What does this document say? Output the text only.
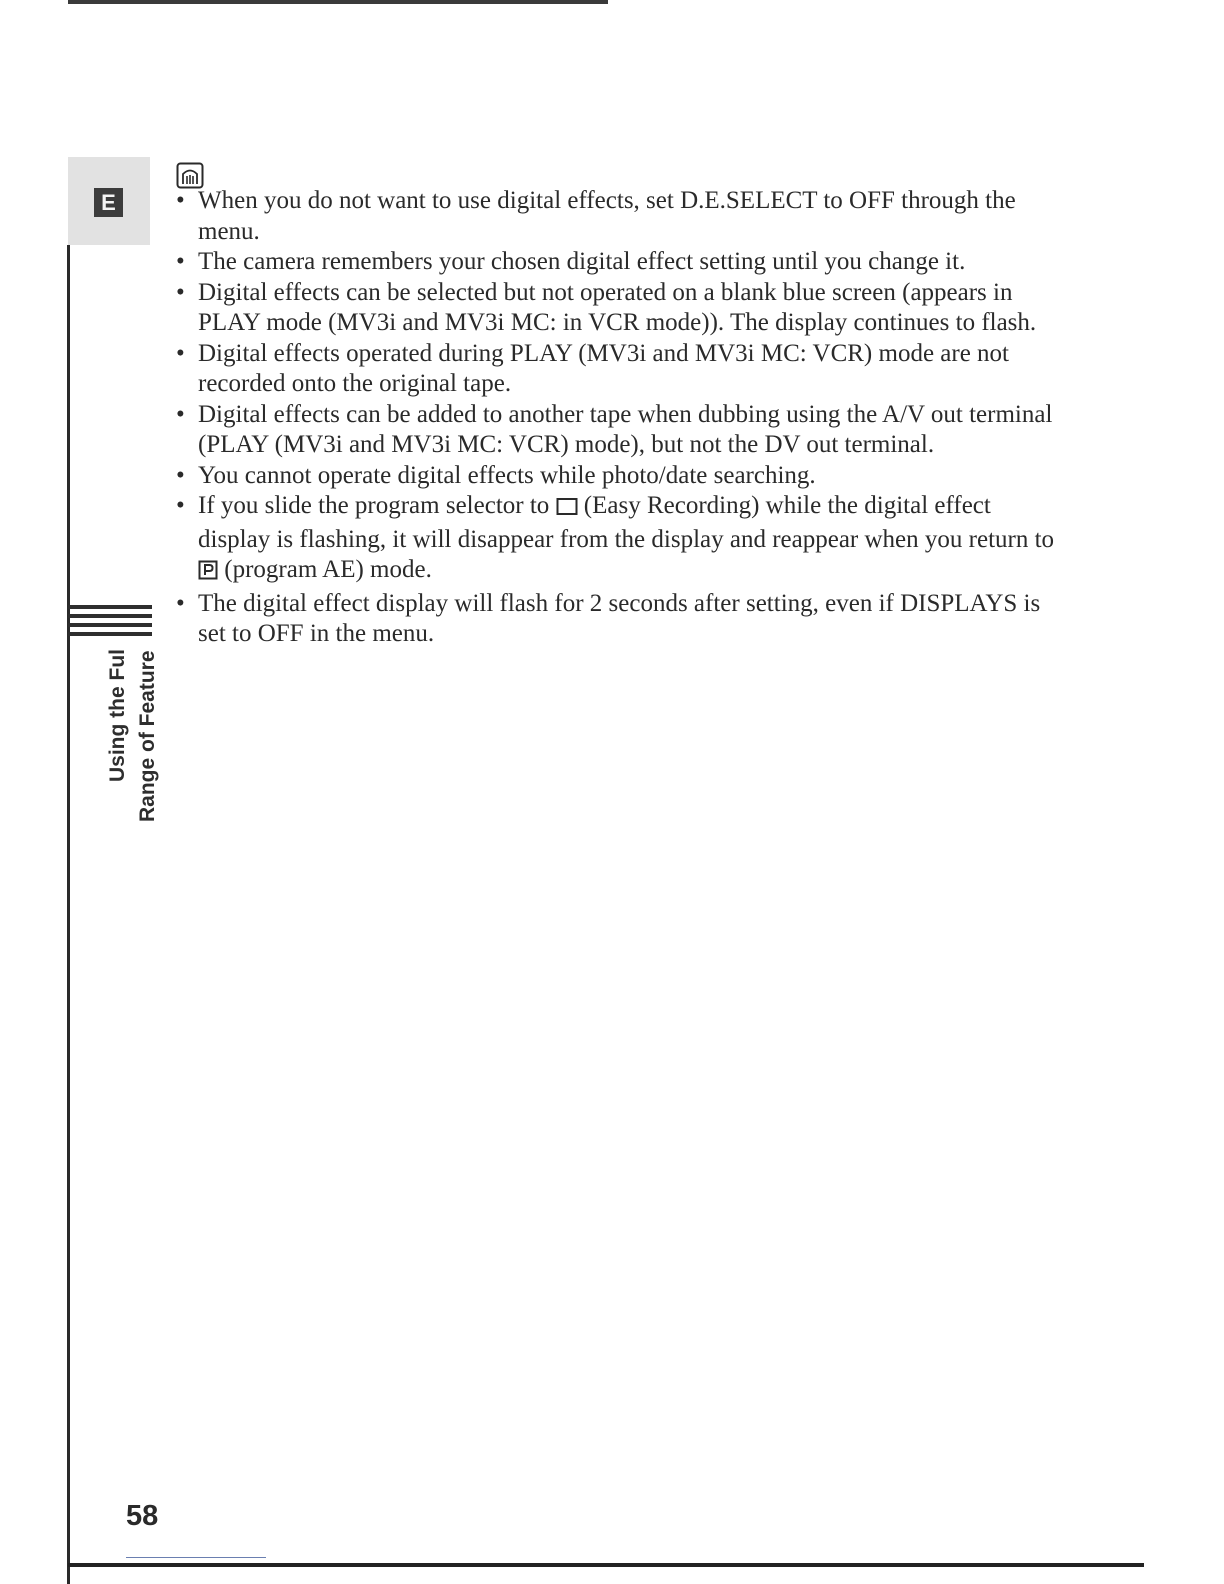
E
Using the Full Range of Features
• When you do not want to use digital effects, set D.E.SELECT to OFF through the menu.
• The camera remembers your chosen digital effect setting until you change it.
• Digital effects can be selected but not operated on a blank blue screen (appears in PLAY mode (MV3i and MV3i MC: in VCR mode)). The display continues to flash.
• Digital effects operated during PLAY (MV3i and MV3i MC: VCR) mode are not recorded onto the original tape.
• Digital effects can be added to another tape when dubbing using the A/V out terminal (PLAY (MV3i and MV3i MC: VCR) mode), but not the DV out terminal.
• You cannot operate digital effects while photo/date searching.
• If you slide the program selector to (Easy Recording) while the digital effect display is flashing, it will disappear from the display and reappear when you return to  (program AE) mode.
• The digital effect display will flash for 2 seconds after setting, even if DISPLAYS is set to OFF in the menu.
58
